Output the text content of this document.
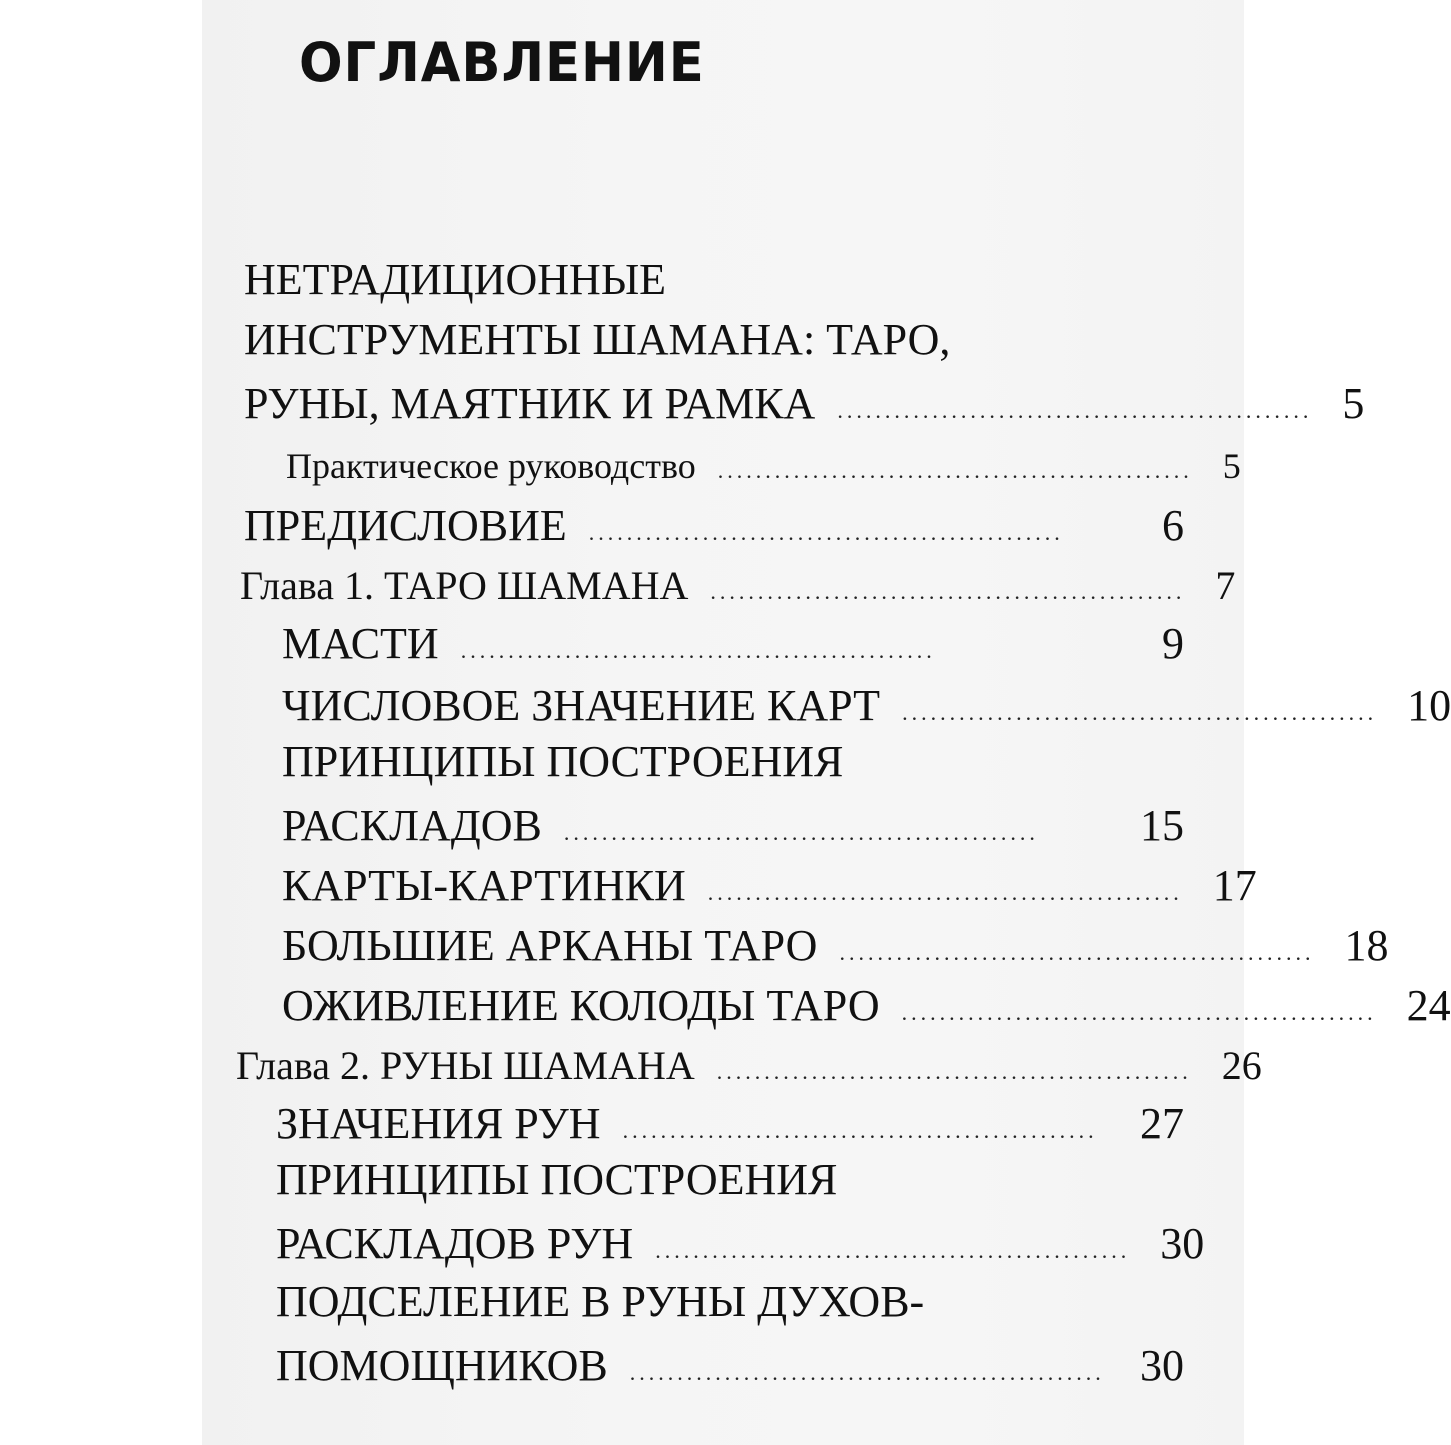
ОГЛАВЛЕНИЕ
НЕТРАДИЦИОННЫЕ
ИНСТРУМЕНТЫ ШАМАНА: ТАРО,
РУНЫ, МАЯТНИК И РАМКА .................................................. 5
Практическое руководство .................................................. 5
ПРЕДИСЛОВИЕ ..................................................	6
Глава 1. ТАРО ШАМАНА .................................................. 7
МАСТИ ..................................................	9
ЧИСЛОВОЕ ЗНАЧЕНИЕ КАРТ .................................................. 10
ПРИНЦИПЫ ПОСТРОЕНИЯ
РАСКЛАДОВ ..................................................	15
КАРТЫ-КАРТИНКИ .................................................. 17
БОЛЬШИЕ АРКАНЫ ТАРО .................................................. 18
ОЖИВЛЕНИЕ КОЛОДЫ ТАРО .................................................. 24
Глава 2. РУНЫ ШАМАНА .................................................. 26
ЗНАЧЕНИЯ РУН .................................................. 27
ПРИНЦИПЫ ПОСТРОЕНИЯ
РАСКЛАДОВ РУН .................................................. 30
ПОДСЕЛЕНИЕ В РУНЫ ДУХОВ-
ПОМОЩНИКОВ .................................................. 30
